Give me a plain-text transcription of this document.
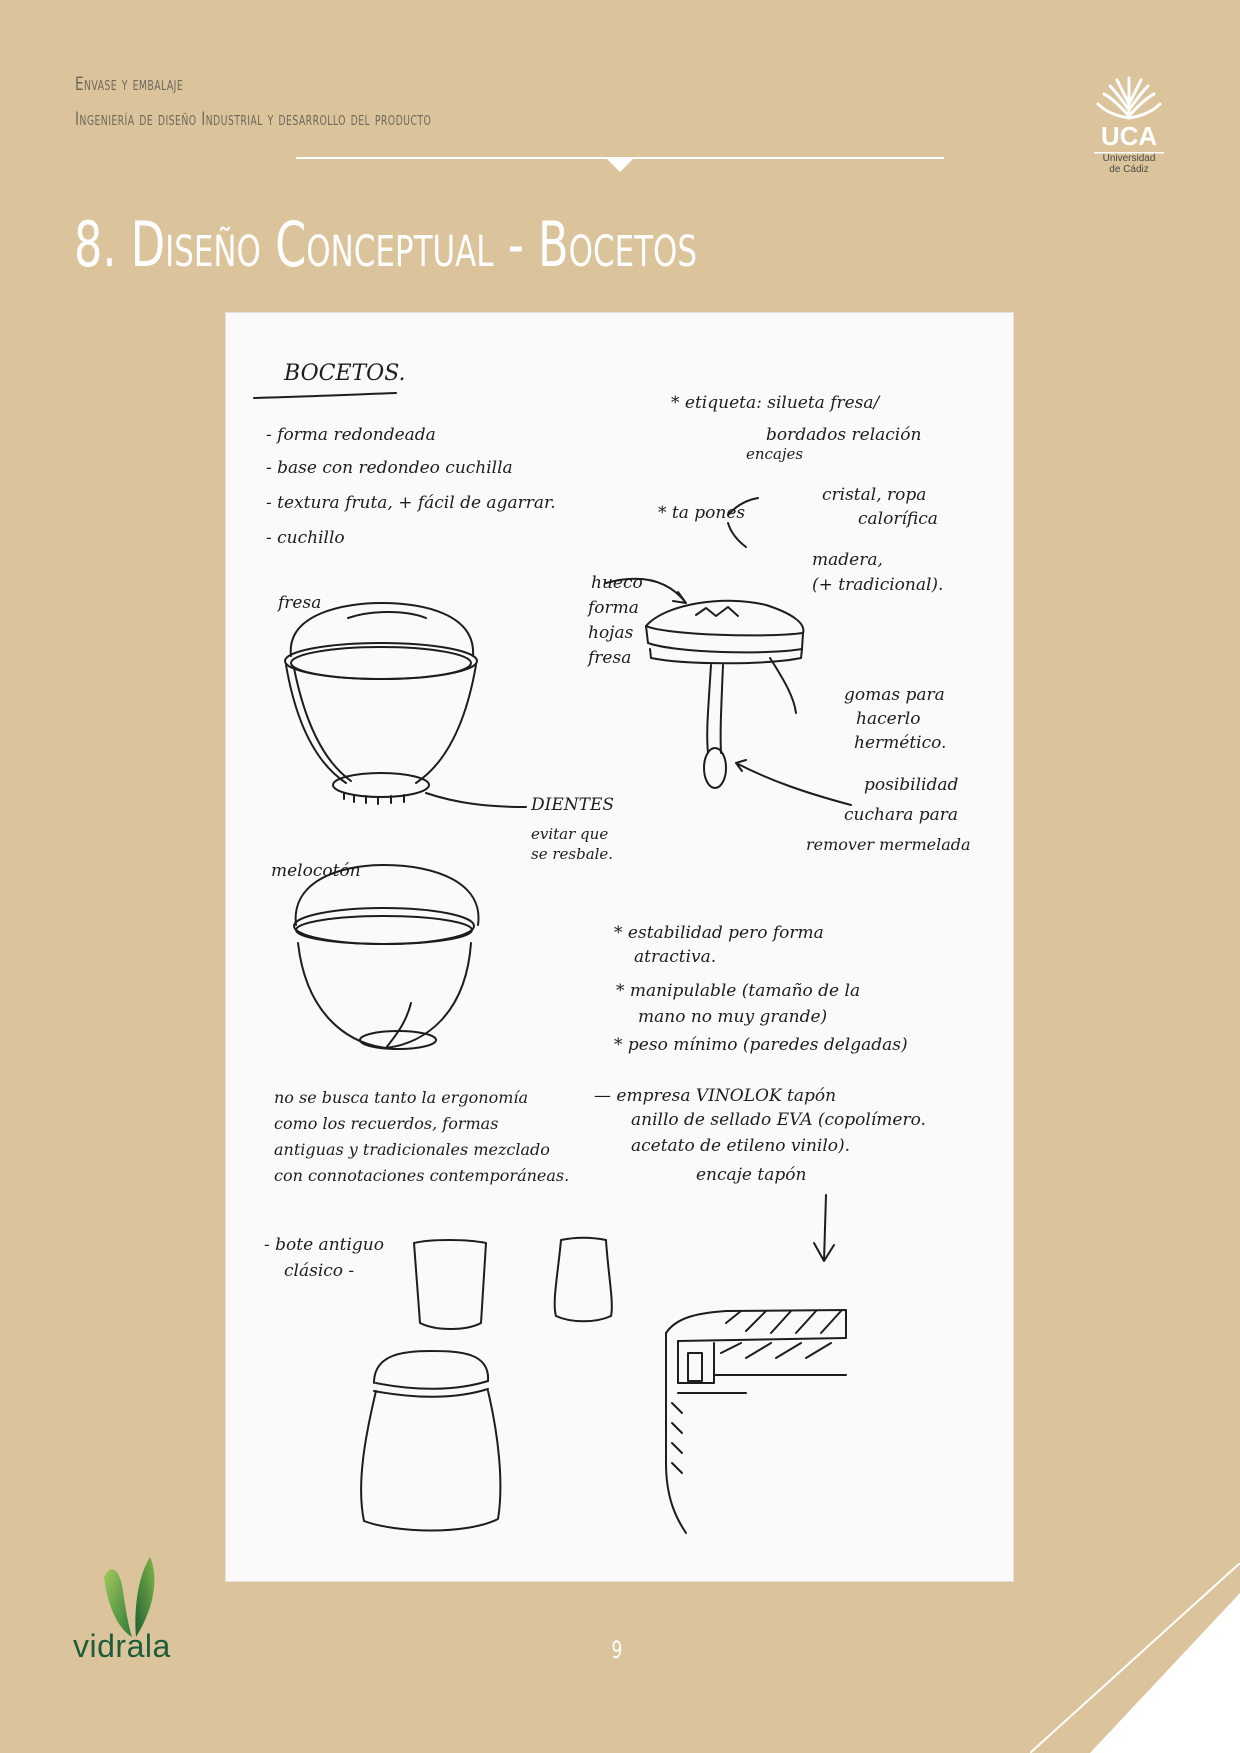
Envase y embalaje
Ingeniería de diseño Industrial y desarrollo del producto
UCA
Universidad
de Cádiz
8. Diseño Conceptual - Bocetos
BOCETOS.
- forma redondeada
- base con redondeo cuchilla
- textura fruta, + fácil de agarrar.
- cuchillo
* etiqueta: silueta fresa/
bordados relación
encajes
* ta pones
cristal, ropa
calorífica
madera,
(+ tradicional).
fresa
hueco
forma
hojas
fresa
gomas para
hacerlo
hermético.
DIENTES
evitar que
se resbale.
posibilidad
cuchara para
remover mermelada
melocotón
* estabilidad pero forma
atractiva.
* manipulable (tamaño de la
mano no muy grande)
* peso mínimo (paredes delgadas)
no se busca tanto la ergonomía
como los recuerdos, formas
antiguas y tradicionales mezclado
con connotaciones contemporáneas.
— empresa VINOLOK tapón
anillo de sellado EVA (copolímero.
acetato de etileno vinilo).
- bote antiguo
clásico -
encaje tapón
vidrala	9
